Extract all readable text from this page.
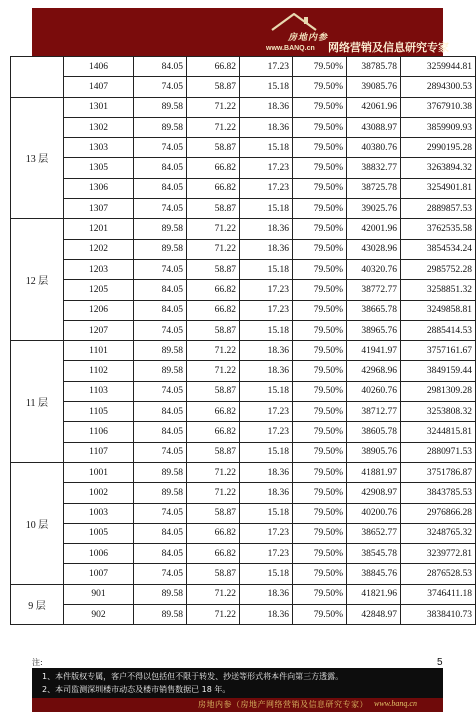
房地内参
www.BANQ.cn 网络营销及信息研究专家
	1406	84.05	66.82	17.23	79.50%	38785.78	3259944.81
	1407	74.05	58.87	15.18	79.50%	39085.76	2894300.53
13 层	1301	89.58	71.22	18.36	79.50%	42061.96	3767910.38
	1302	89.58	71.22	18.36	79.50%	43088.97	3859909.93
	1303	74.05	58.87	15.18	79.50%	40380.76	2990195.28
	1305	84.05	66.82	17.23	79.50%	38832.77	3263894.32
	1306	84.05	66.82	17.23	79.50%	38725.78	3254901.81
	1307	74.05	58.87	15.18	79.50%	39025.76	2889857.53
12 层	1201	89.58	71.22	18.36	79.50%	42001.96	3762535.58
	1202	89.58	71.22	18.36	79.50%	43028.96	3854534.24
	1203	74.05	58.87	15.18	79.50%	40320.76	2985752.28
	1205	84.05	66.82	17.23	79.50%	38772.77	3258851.32
	1206	84.05	66.82	17.23	79.50%	38665.78	3249858.81
	1207	74.05	58.87	15.18	79.50%	38965.76	2885414.53
11 层	1101	89.58	71.22	18.36	79.50%	41941.97	3757161.67
	1102	89.58	71.22	18.36	79.50%	42968.96	3849159.44
	1103	74.05	58.87	15.18	79.50%	40260.76	2981309.28
	1105	84.05	66.82	17.23	79.50%	38712.77	3253808.32
	1106	84.05	66.82	17.23	79.50%	38605.78	3244815.81
	1107	74.05	58.87	15.18	79.50%	38905.76	2880971.53
10 层	1001	89.58	71.22	18.36	79.50%	41881.97	3751786.87
	1002	89.58	71.22	18.36	79.50%	42908.97	3843785.53
	1003	74.05	58.87	15.18	79.50%	40200.76	2976866.28
	1005	84.05	66.82	17.23	79.50%	38652.77	3248765.32
	1006	84.05	66.82	17.23	79.50%	38545.78	3239772.81
	1007	74.05	58.87	15.18	79.50%	38845.76	2876528.53
9 层	901	89.58	71.22	18.36	79.50%	41821.96	3746411.18
	902	89.58	71.22	18.36	79.50%	42848.97	3838410.73
注:	5
1、本件版权专属，客户不得以包括但不限于转发、抄送等形式将本件向第三方透露。
2、本司监测深圳楼市动态及楼市销售数据已 18 年。
房地内参（房地产网络营销及信息研究专家） www.banq.cn
